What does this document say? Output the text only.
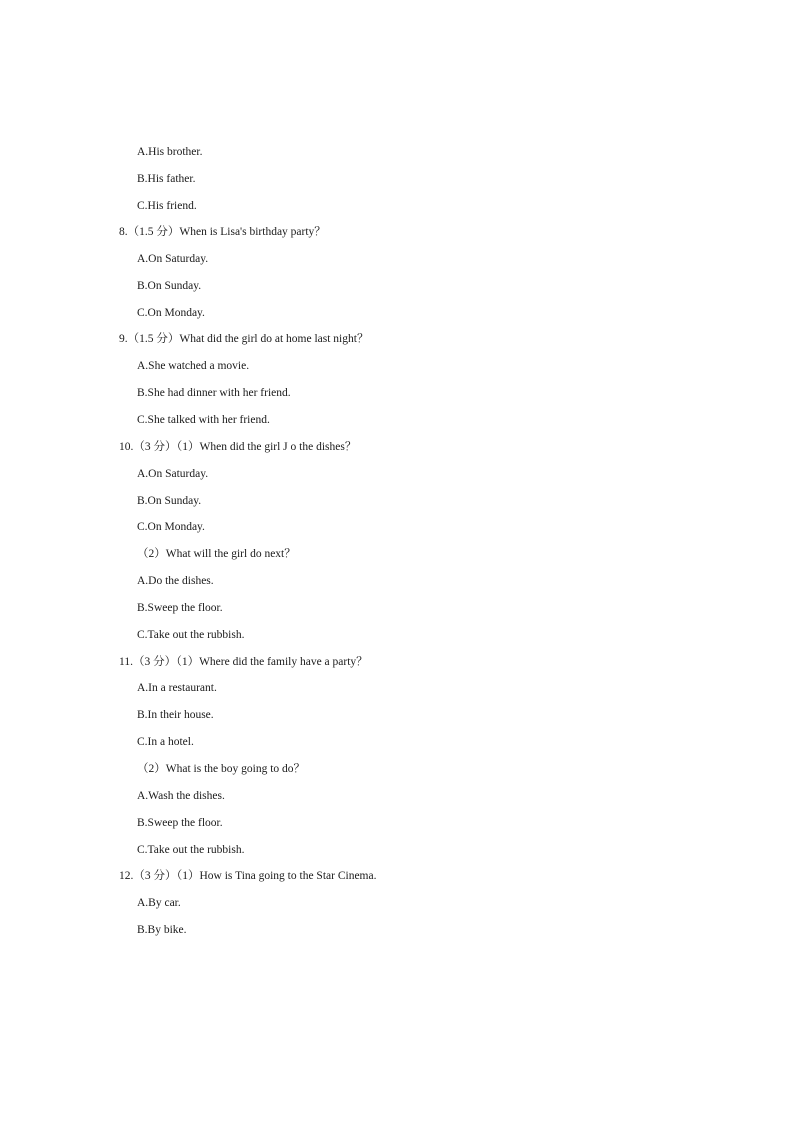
A.His brother.
B.His father.
C.His friend.
8.（1.5 分）When is Lisa's birthday party？
A.On Saturday.
B.On Sunday.
C.On Monday.
9.（1.5 分）What did the girl do at home last night？
A.She watched a movie.
B.She had dinner with her friend.
C.She talked with her friend.
10.（3 分）（1）When did the girl J o the dishes？
A.On Saturday.
B.On Sunday.
C.On Monday.
（2）What will the girl do next？
A.Do the dishes.
B.Sweep the floor.
C.Take out the rubbish.
11.（3 分）（1）Where did the family have a party？
A.In a restaurant.
B.In their house.
C.In a hotel.
（2）What is the boy going to do？
A.Wash the dishes.
B.Sweep the floor.
C.Take out the rubbish.
12.（3 分）（1）How is Tina going to the Star Cinema.
A.By car.
B.By bike.
